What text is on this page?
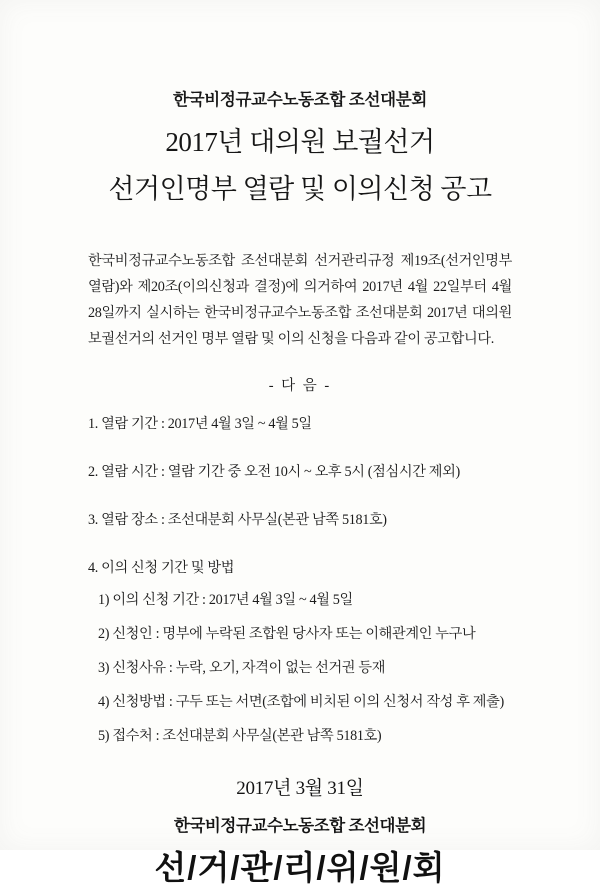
한국비정규교수노동조합 조선대분회
2017년 대의원 보궐선거
선거인명부 열람 및 이의신청 공고
한국비정규교수노동조합 조선대분회 선거관리규정 제19조(선거인명부 열람)와 제20조(이의신청과 결정)에 의거하여 2017년 4월 22일부터 4월 28일까지 실시하는 한국비정규교수노동조합 조선대분회 2017년 대의원 보궐선거의 선거인 명부 열람 및 이의 신청을 다음과 같이 공고합니다.
- 다 음 -
1. 열람 기간 : 2017년 4월 3일 ~ 4월 5일
2. 열람 시간 : 열람 기간 중 오전 10시 ~ 오후 5시 (점심시간 제외)
3. 열람 장소 : 조선대분회 사무실(본관 남쪽 5181호)
4. 이의 신청 기간 및 방법
1) 이의 신청 기간 : 2017년 4월 3일 ~ 4월 5일
2) 신청인 : 명부에 누락된 조합원 당사자 또는 이해관계인 누구나
3) 신청사유 : 누락, 오기, 자격이 없는 선거권 등재
4) 신청방법 : 구두 또는 서면(조합에 비치된 이의 신청서 작성 후 제출)
5) 접수처 : 조선대분회 사무실(본관 남쪽 5181호)
2017년 3월 31일
한국비정규교수노동조합 조선대분회
선/거/관/리/위/원/회
